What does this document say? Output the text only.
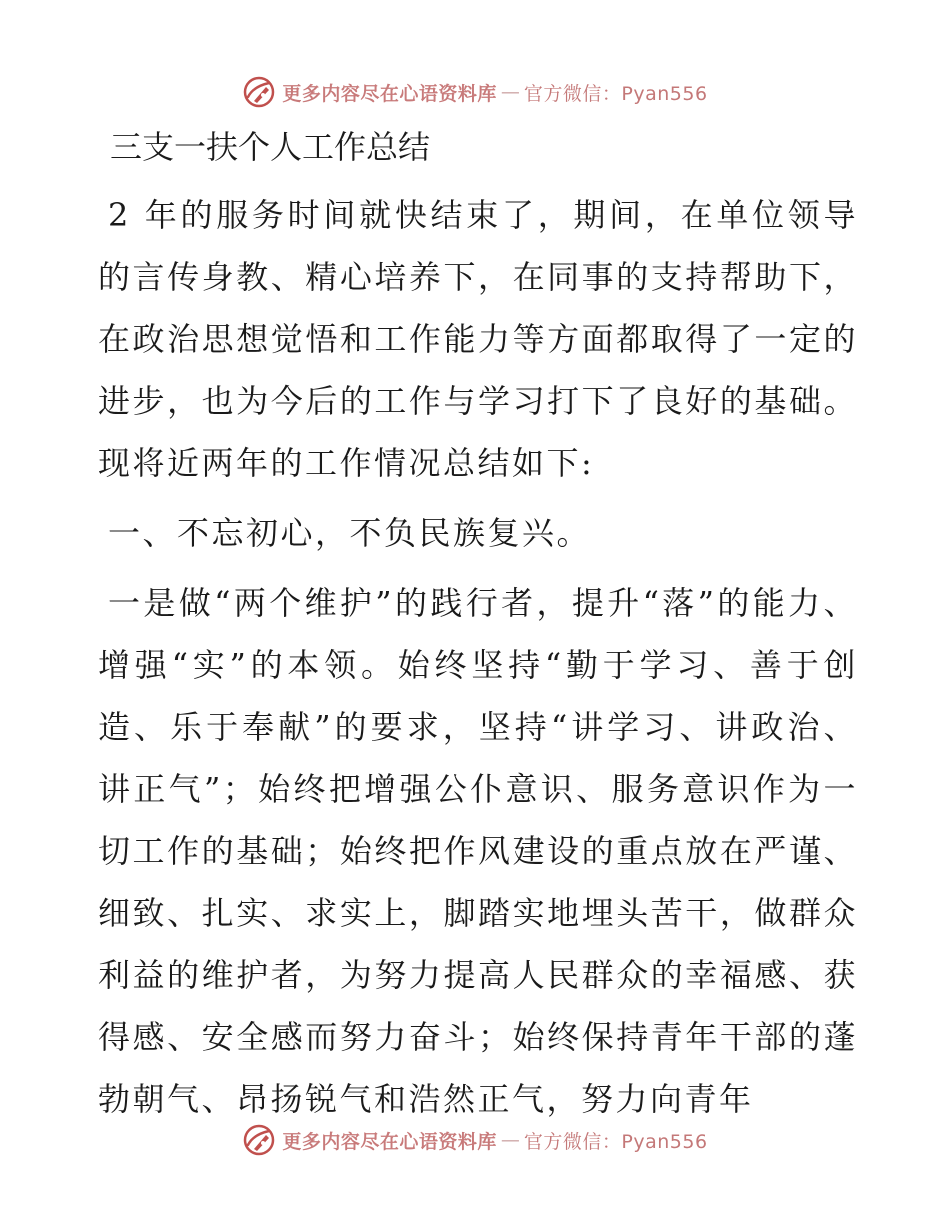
更多内容尽在心语资料库 — 官方微信：Pyan556
三支一扶个人工作总结

2 年的服务时间就快结束了，期间，在单位领导的言传身教、精心培养下，在同事的支持帮助下，在政治思想觉悟和工作能力等方面都取得了一定的进步，也为今后的工作与学习打下了良好的基础。现将近两年的工作情况总结如下:

一、不忘初心，不负民族复兴。

一是做“两个维护”的践行者，提升“落”的能力、增强“实”的本领。始终坚持“勤于学习、善于创造、乐于奉献”的要求，坚持“讲学习、讲政治、讲正气”；始终把增强公仆意识、服务意识作为一切工作的基础；始终把作风建设的重点放在严谨、细致、扎实、求实上，脚踏实地埋头苦干，做群众利益的维护者，为努力提高人民群众的幸福感、获得感、安全感而努力奋斗；始终保持青年干部的蓬勃朝气、昂扬锐气和浩然正气，努力向青年

更多内容尽在心语资料库 — 官方微信：Pyan556
